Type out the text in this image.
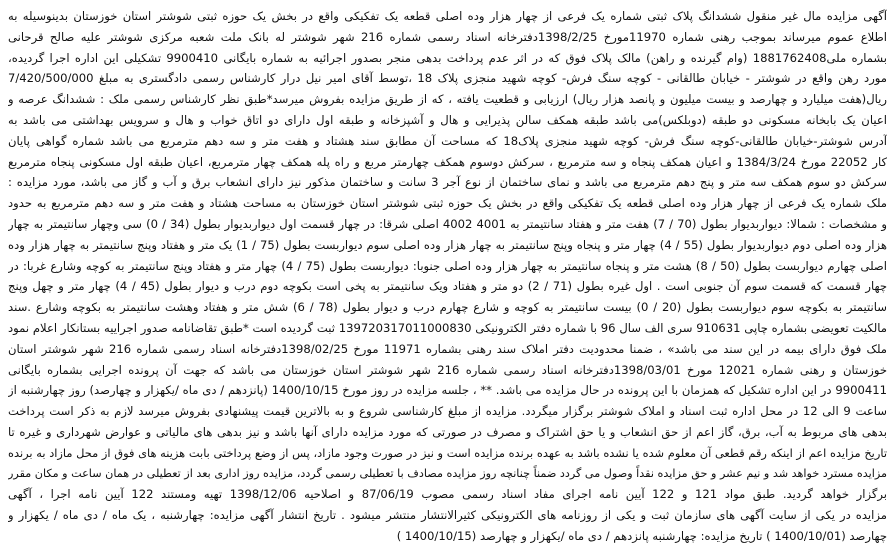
آگهی مزایده مال غیر منقول ششدانگ پلاک ثبتی شماره یک فرعی از چهار هزار وده اصلی قطعه یک تفکیکی واقع در بخش یک حوزه ثبتی شوشتر استان خوزستان بدینوسیله به
اطلاع عموم میرساند بموجب رهنی شماره 11970مورخ 1398/2/25دفترخانه اسناد رسمی شماره 216 شهر شوشتر له بانک ملت شعبه مرکزی شوشتر علیه صالح قرحانی
بشماره ملی1881762408 (وام گیرنده و راهن) مالک پلاک فوق که در اثر عدم پرداخت بدهی منجر بصدور اجرائیه به شماره بایگانی 9900410 تشکیلی این اداره اجرا گردیده،
مورد رهن واقع در شوشتر - خیابان طالقانی - کوچه سنگ فرش- کوچه شهید منجزی پلاک 18 ،توسط آقای امیر نیل درار کارشناس رسمی دادگستری به مبلغ 7/420/500/000
ریال(هفت میلیارد و چهارصد و بیست میلیون و پانصد هزار ریال) ارزیابی و قطعیت یافته ، که از طریق مزایده بفروش میرسد*طبق نظر کارشناس رسمی ملک : ششدانگ عرصه و
اعیان یک بابخانه مسکونی دو طبقه (دوبلکس)می باشد طبقه همکف سالن پذیرایی و هال و آشپزخانه و طبقه اول دارای دو اتاق خواب و هال و سرویس بهداشتی می باشد به
آدرس شوشتر-خیابان طالقانی-کوچه سنگ فرش- کوچه شهید منجزی پلاک18 که مساحت آن مطابق سند هشتاد و هفت متر و سه دهم مترمربع می باشد شماره گواهی پایان
کار 22052 مورخ 1384/3/24 و اعیان همکف پنجاه و سه مترمربع ، سرکش دوسوم همکف چهارمتر مربع و راه پله همکف چهار مترمربع، اعیان طبقه اول مسکونی پنجاه مترمربع
سرکش دو سوم همکف سه متر و پنج دهم مترمربع می باشد و نمای ساختمان از نوع آجر 3 سانت و ساختمان مذکور نیز دارای انشعاب برق و آب و گاز می باشد، مورد مزایده :
ملک شماره یک فرعی از چهار هزار وده اصلی قطعه یک تفکیکی واقع در بخش یک حوزه ثبتی شوشتر استان خوزستان به مساحت هشتاد و هفت متر و سه دهم مترمربع به حدود
و مشخصات : شمالا: دیواربدیوار بطول (70 / 7) هفت متر و هفتاد سانتیمتر به 4001 4002 اصلی شرقا: در چهار قسمت اول دیواربدیوار بطول (34 / 0) سی وچهار سانتیمتر به چهار
هزار وده اصلی دوم دیواربدیوار بطول (55 / 4) چهار متر و پنجاه وپنج سانتیمتر به چهار هزار وده اصلی سوم دیواربست بطول (75 / 1) یک متر و هفتاد وپنج سانتیمتر به چهار هزار وده
اصلی چهارم دیواربست بطول (50 / 8) هشت متر و پنجاه سانتیمتر به چهار هزار وده اصلی جنوبا: دیواربست بطول (75 / 4) چهار متر و هفتاد وپنج سانتیمتر به کوچه وشارع غربا: در
چهار قسمت که قسمت سوم آن جنوبی است . اول غیره بطول (71 / 2) دو متر و هفتاد ویک سانتیمتر به پخی است بکوچه دوم درب و دیوار بطول (45 / 4) چهار متر و چهل وپنج
سانتیمتر به بکوچه سوم دیواربست بطول (20 / 0) بیست سانتیمتر به کوچه و شارع چهارم درب و دیوار بطول (78 / 6) شش متر و هفتاد وهشت سانتیمتر به بکوچه وشارع .سند
مالکیت تعویضی بشماره چاپی 910631 سری الف سال 96 با شماره دفتر الکترونیکی 139720317011000830 ثبت گردیده است *طبق تقاضانامه صدور اجراییه بستانکار اعلام نمود
ملک فوق دارای بیمه در این سند می باشد» ، ضمنا محدودیت دفتر املاک سند رهنی بشماره 11971 مورخ 1398/02/25دفترخانه اسناد رسمی شماره 216 شهر شوشتر استان
خوزستان و رهنی شماره 12021 مورخ 1398/03/01دفترخانه اسناد رسمی شماره 216 شهر شوشتر استان خوزستان می باشد که جهت آن پرونده اجرایی بشماره بایگانی
9900411 در این اداره تشکیل که همزمان با این پرونده در حال مزایده می باشد. ** ، جلسه مزایده در روز مورخ 1400/10/15 (پانزدهم / دی ماه /یکهزار و چهارصد) روز چهارشنبه از
ساعت 9 الی 12 در محل اداره ثبت اسناد و املاک شوشتر برگزار میگردد. مزایده از مبلغ کارشناسی شروع و به بالاترین قیمت پیشنهادی بفروش میرسد لازم به ذکر است پرداخت
بدهی های مربوط به آب، برق، گاز اعم از حق انشعاب و یا حق اشتراک و مصرف در صورتی که مورد مزایده دارای آنها باشد و نیز بدهی های مالیاتی و عوارض شهرداری و غیره تا
تاریخ مزایده اعم از اینکه رقم قطعی آن معلوم شده یا نشده باشد به عهده برنده مزایده است و نیز در صورت وجود مازاد، پس از وضع پرداختی بابت هزینه های فوق از محل مازاد به برنده
مزایده مسترد خواهد شد و نیم عشر و حق مزایده نقداً وصول می گردد ضمناً چنانچه روز مزایده مصادف با تعطیلی رسمی گردد، مزایده روز اداری بعد از تعطیلی در همان ساعت و مکان مقرر
برگزار خواهد گردید. طبق مواد 121 و 122 آیین نامه اجرای مفاد اسناد رسمی مصوب 87/06/19 و اصلاحیه 1398/12/06 تهیه ومستند 122 آیین نامه اجرا ، آگهی
مزایده در یکی از سایت آگهی های سازمان ثبت و یکی از روزنامه های الکترونیکی کثیرالانتشار منتشر میشود . تاریخ انتشار آگهی مزایده: چهارشنبه ، یک ماه / دی ماه / یکهزار و
چهارصد (1400/10/01 ) تاریخ مزایده: چهارشنبه پانزدهم / دی ماه /یکهزار و چهارصد (1400/10/15 )
